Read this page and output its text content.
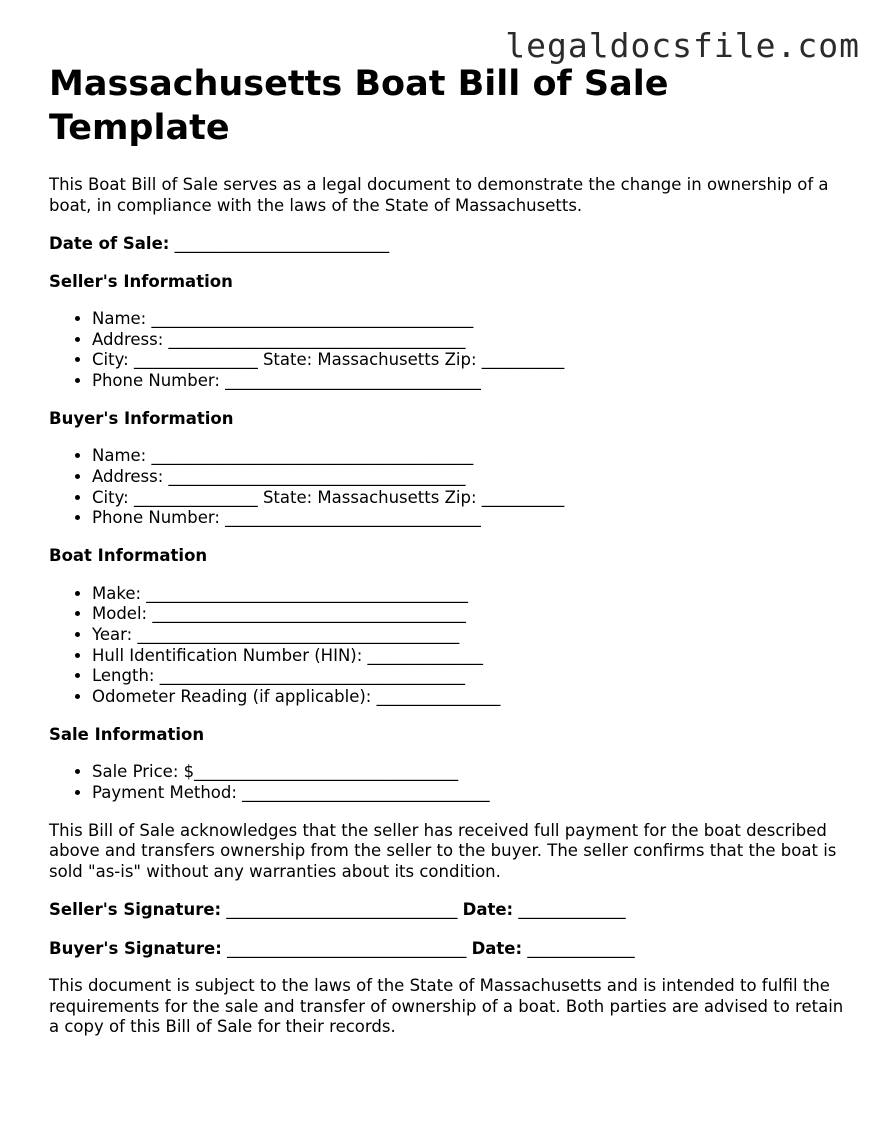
legaldocsfile.com
Massachusetts Boat Bill of Sale Template

This Boat Bill of Sale serves as a legal document to demonstrate the change in ownership of a boat, in compliance with the laws of the State of Massachusetts.

Date of Sale: __________________________
Seller's Information
• Name: _______________________________________
• Address: ____________________________________
• City: _______________ State: Massachusetts Zip: __________
• Phone Number: _______________________________
Buyer's Information
• Name: _______________________________________
• Address: ____________________________________
• City: _______________ State: Massachusetts Zip: __________
• Phone Number: _______________________________
Boat Information
• Make: _______________________________________
• Model: ______________________________________
• Year: _______________________________________
• Hull Identification Number (HIN): ______________
• Length: _____________________________________
• Odometer Reading (if applicable): _______________
Sale Information
• Sale Price: $________________________________
• Payment Method: ______________________________

This Bill of Sale acknowledges that the seller has received full payment for the boat described above and transfers ownership from the seller to the buyer. The seller confirms that the boat is sold "as-is" without any warranties about its condition.

Seller's Signature: ____________________________ Date: _____________
Buyer's Signature: _____________________________ Date: _____________

This document is subject to the laws of the State of Massachusetts and is intended to fulfil the requirements for the sale and transfer of ownership of a boat. Both parties are advised to retain a copy of this Bill of Sale for their records.
